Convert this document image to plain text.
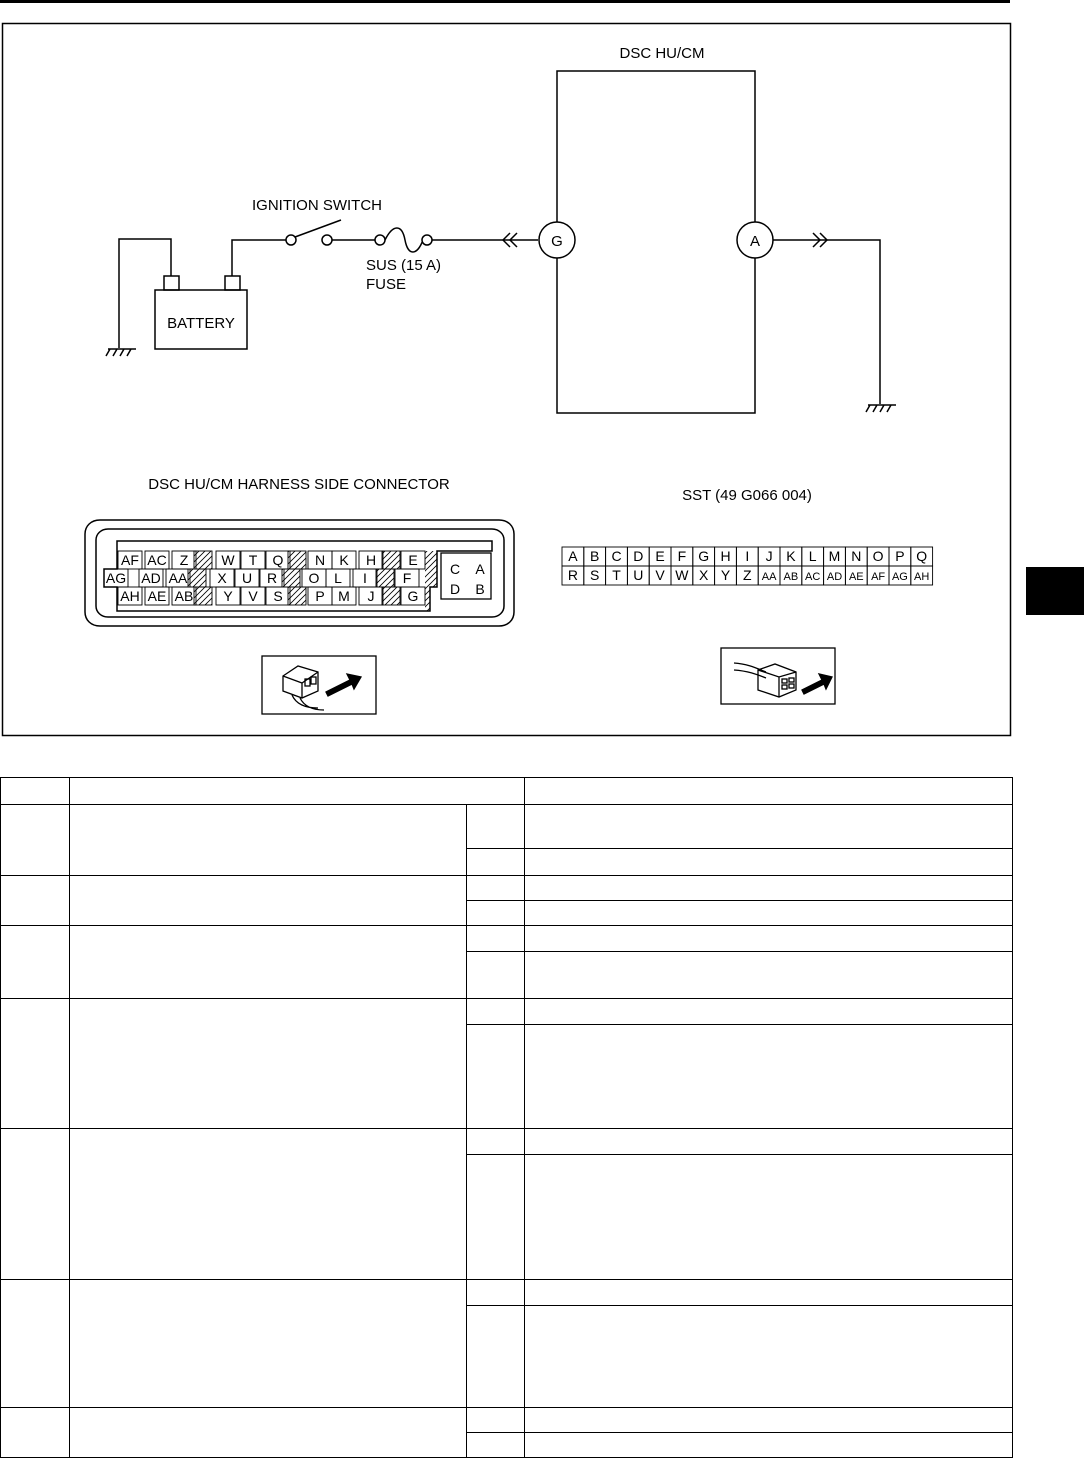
DSC HU/CM
BATTERY
IGNITION SWITCH
SUS (15 A)
FUSE
G	A
DSC HU/CM HARNESS SIDE CONNECTOR
AF AC Z W T Q N K H E
AG AD AA X U R O L I	F
AH AE AB Y V S P M J G
C A
D B
SST (49 G066 004)
A B C D E F G H I J K L M N O P Q
R S T U V W X Y Z AA AB AC AD AE AF AG AH
